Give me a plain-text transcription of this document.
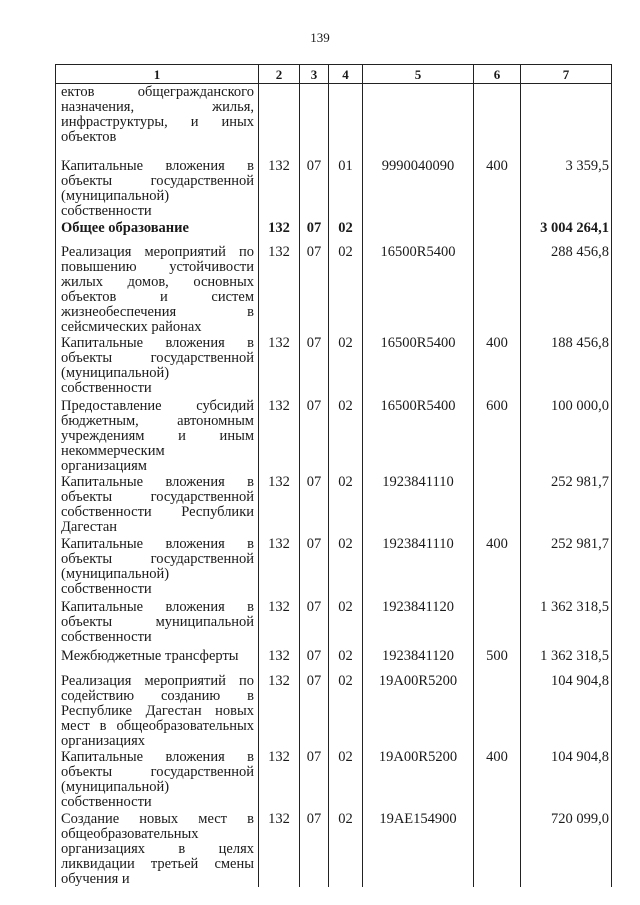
139
1	2	3	4	5	6	7
ектов общегражданского назначения, жилья, инфраструктуры, и иных объектов						
Капитальные вложения в объекты государственной (муниципальной) собственности	132	07	01	9990040090	400	3 359,5
Общее образование	132	07	02			3 004 264,1
Реализация мероприятий по повышению устойчивости жилых домов, основных объектов и систем жизнеобеспечения в сейсмических районах	132	07	02	16500R5400		288 456,8
Капитальные вложения в объекты государственной (муниципальной) собственности	132	07	02	16500R5400	400	188 456,8
Предоставление субсидий бюджетным, автономным учреждениям и иным некоммерческим организациям	132	07	02	16500R5400	600	100 000,0
Капитальные вложения в объекты государственной собственности Республики Дагестан	132	07	02	1923841110		252 981,7
Капитальные вложения в объекты государственной (муниципальной) собственности	132	07	02	1923841110	400	252 981,7
Капитальные вложения в объекты муниципальной собственности	132	07	02	1923841120		1 362 318,5
Межбюджетные трансферты	132	07	02	1923841120	500	1 362 318,5
Реализация мероприятий по содействию созданию в Республике Дагестан новых мест в общеобразовательных организациях	132	07	02	19A00R5200		104 904,8
Капитальные вложения в объекты государственной (муниципальной) собственности	132	07	02	19A00R5200	400	104 904,8
Создание новых мест в общеобразовательных организациях в целях ликвидации третьей смены обучения и	132	07	02	19AE154900		720 099,0
